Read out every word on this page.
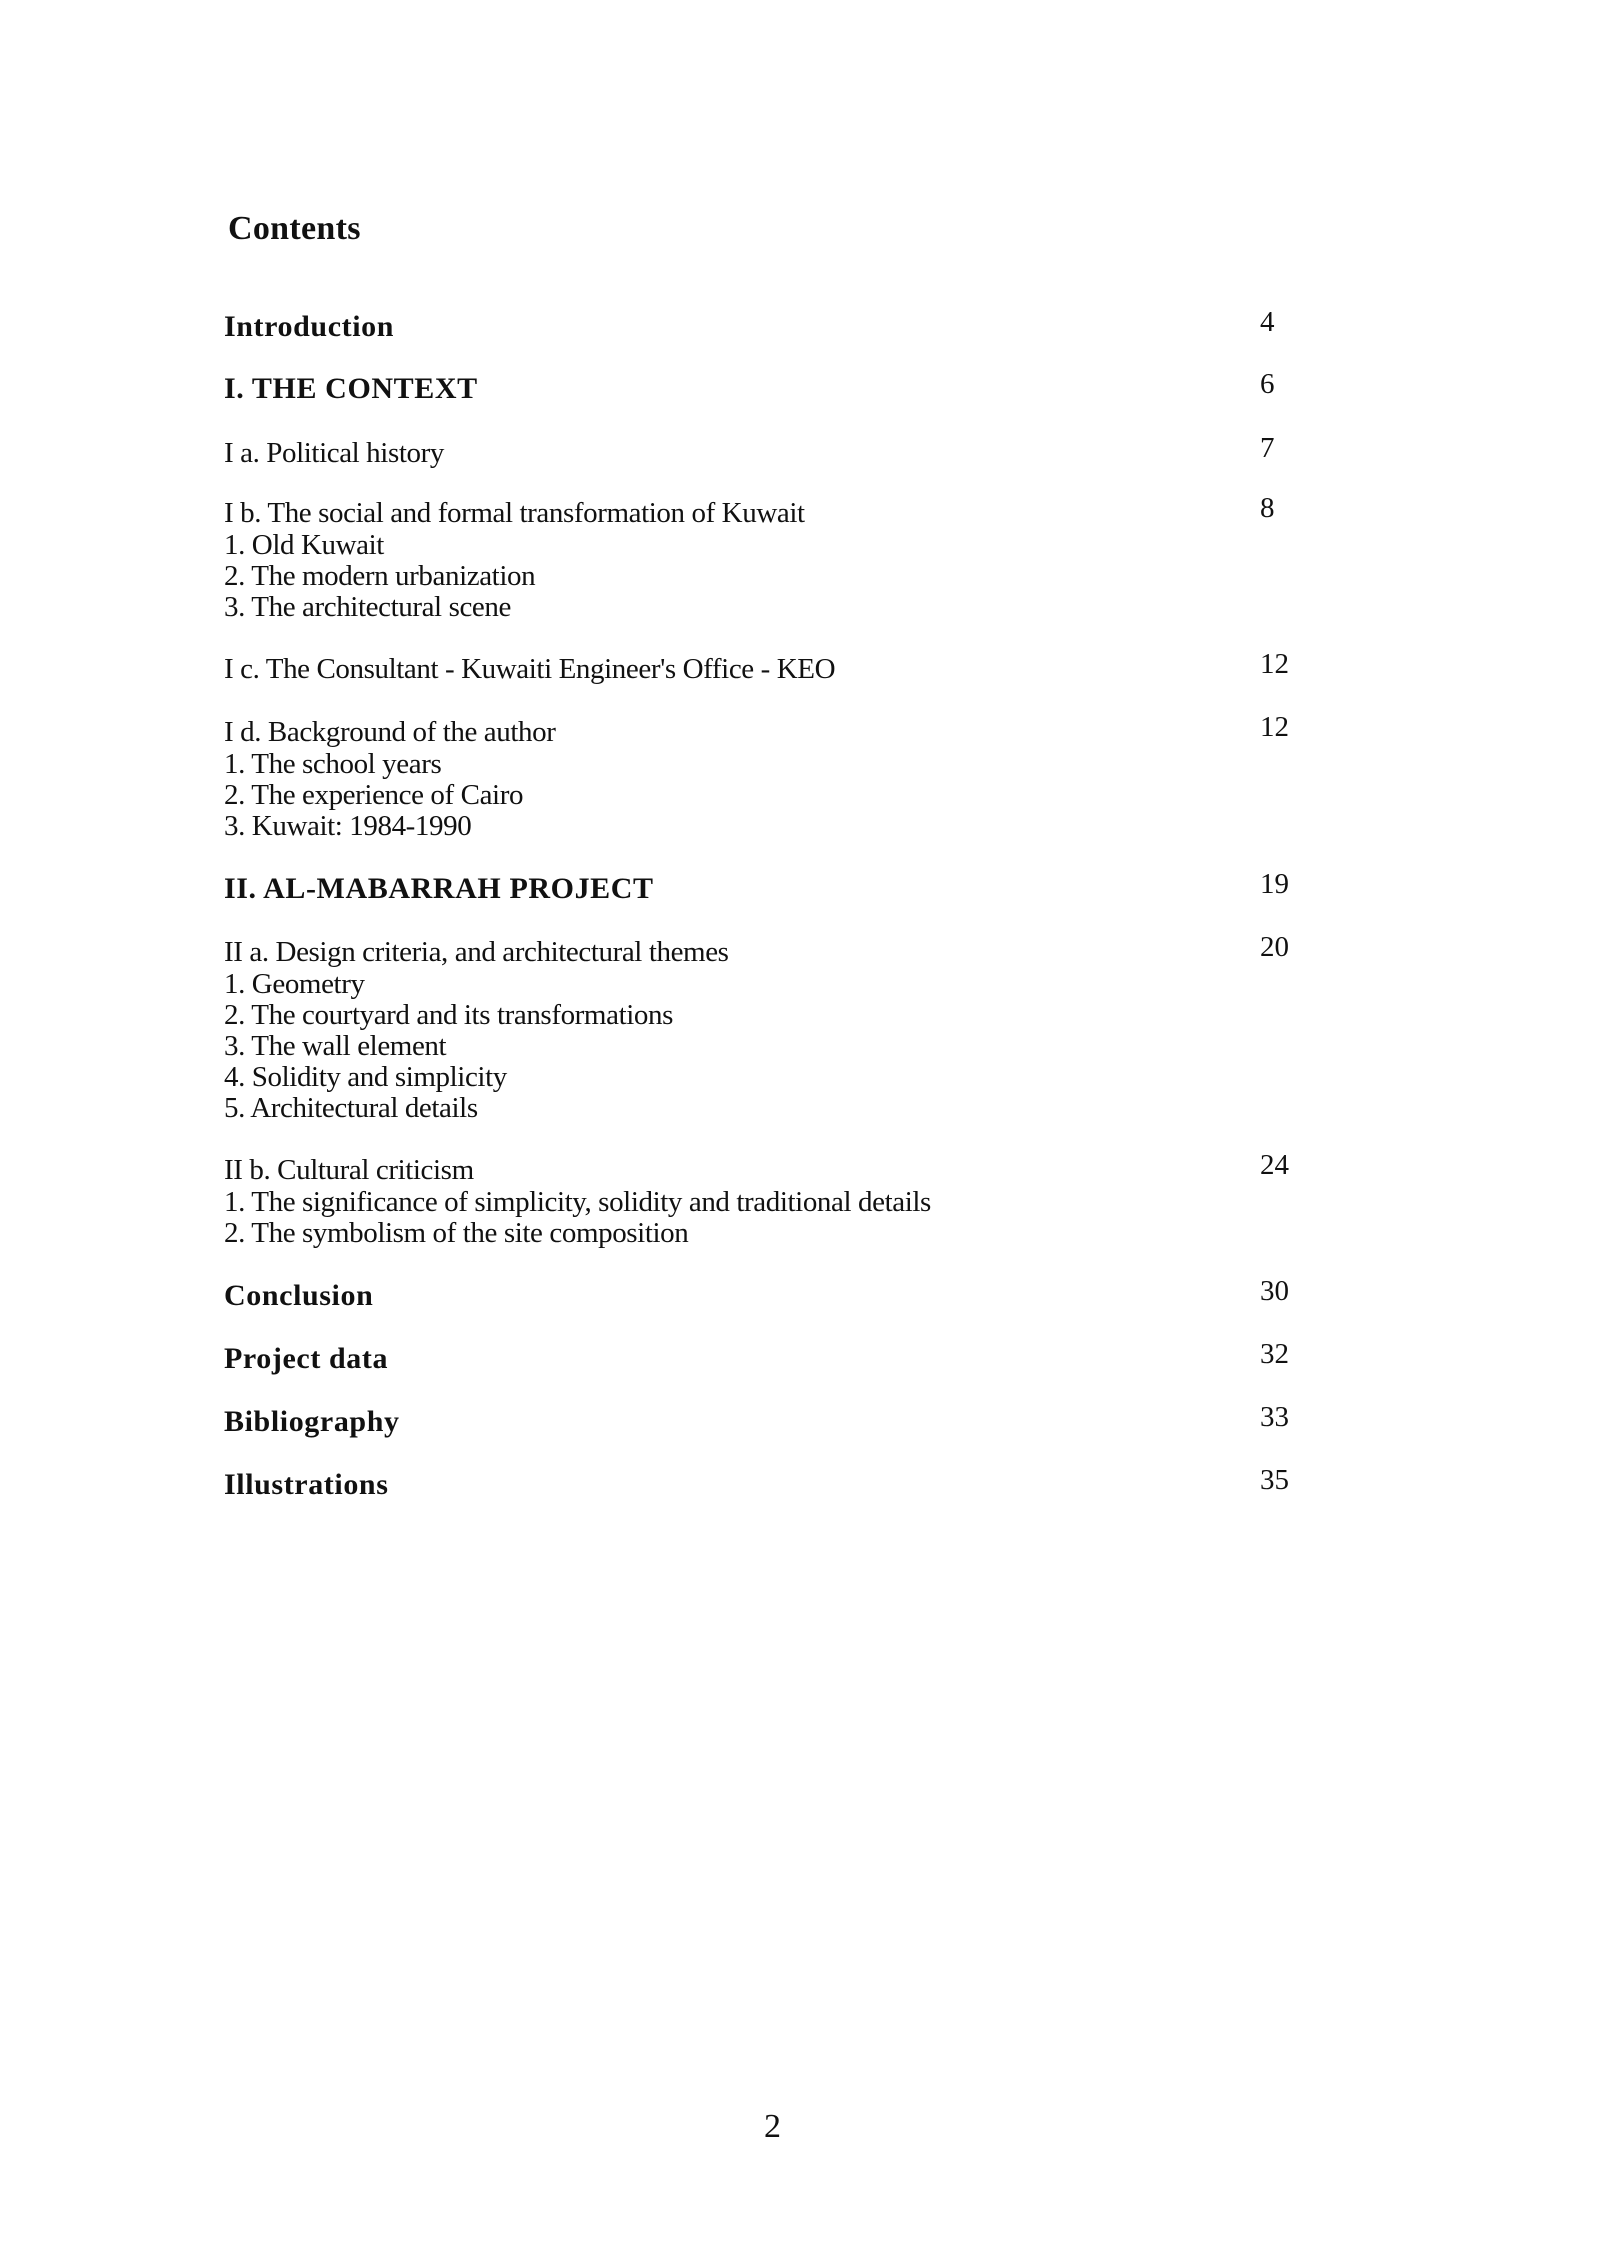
Contents
Introduction	4
I. THE CONTEXT	6
I a. Political history	7
I b. The social and formal transformation of Kuwait	8
1. Old Kuwait
2. The modern urbanization
3. The architectural scene
I c. The Consultant - Kuwaiti Engineer's Office - KEO	12
I d. Background of the author	12
1. The school years
2. The experience of Cairo
3. Kuwait: 1984-1990
II. AL-MABARRAH PROJECT	19
II a. Design criteria, and architectural themes	20
1. Geometry
2. The courtyard and its transformations
3. The wall element
4. Solidity and simplicity
5. Architectural details
II b. Cultural criticism	24
1. The significance of simplicity, solidity and traditional details
2. The symbolism of the site composition
Conclusion	30
Project data	32
Bibliography	33
Illustrations	35
2
